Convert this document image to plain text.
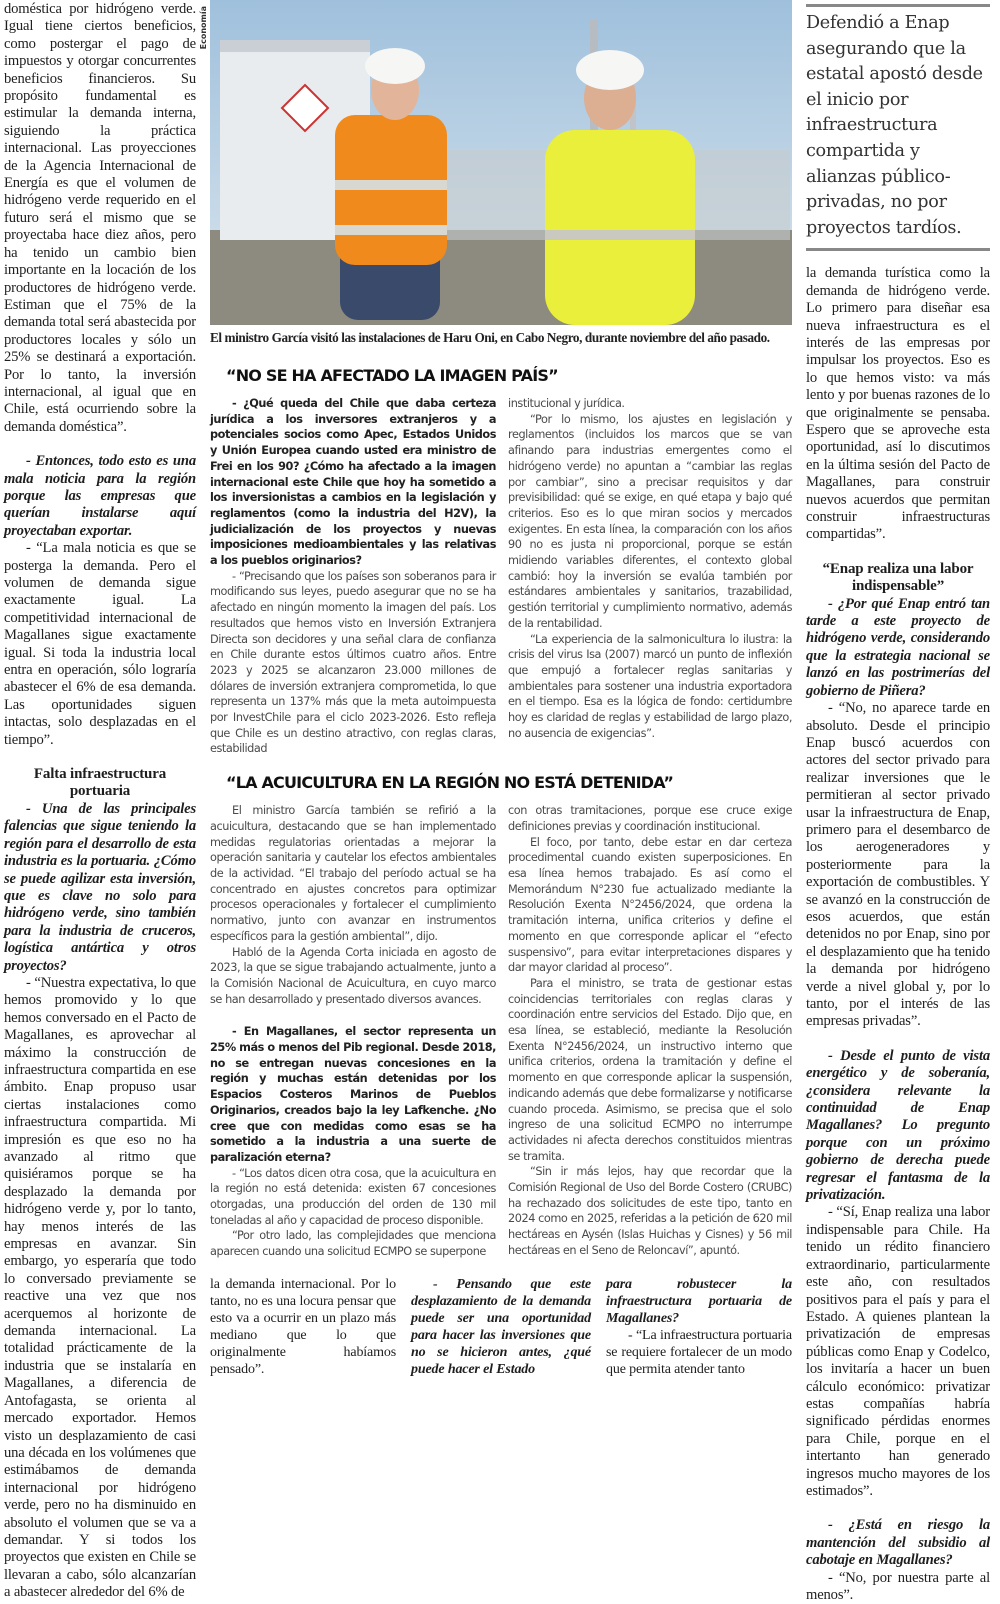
Economía

doméstica por hidrógeno verde. Igual tiene ciertos beneficios, como postergar el pago de impuestos y otorgar concurrentes beneficios financieros. Su propósito fundamental es estimular la demanda interna, siguiendo la práctica internacional. Las proyecciones de la Agencia Internacional de Energía es que el volumen de hidrógeno verde requerido en el futuro será el mismo que se proyectaba hace diez años, pero ha tenido un cambio bien importante en la locación de los productores de hidrógeno verde. Estiman que el 75% de la demanda total será abastecida por productores locales y sólo un 25% se destinará a exportación. Por lo tanto, la inversión internacional, al igual que en Chile, está ocurriendo sobre la demanda doméstica”.

- Entonces, todo esto es una mala noticia para la región porque las empresas que querían instalarse aquí proyectaban exportar.

- “La mala noticia es que se posterga la demanda. Pero el volumen de demanda sigue exactamente igual. La competitividad internacional de Magallanes sigue exactamente igual. Si toda la industria local entra en operación, sólo lograría abastecer el 6% de esa demanda. Las oportunidades siguen intactas, solo desplazadas en el tiempo”.

Falta infraestructura portuaria

- Una de las principales falencias que sigue teniendo la región para el desarrollo de esta industria es la portuaria. ¿Cómo se puede agilizar esta inversión, que es clave no solo para hidrógeno verde, sino también para la industria de cruceros, logística antártica y otros proyectos?

- “Nuestra expectativa, lo que hemos promovido y lo que hemos conversado en el Pacto de Magallanes, es aprovechar al máximo la construcción de infraestructura compartida en ese ámbito. Enap propuso usar ciertas instalaciones como infraestructura compartida. Mi impresión es que eso no ha avanzado al ritmo que quisiéramos porque se ha desplazado la demanda por hidrógeno verde y, por lo tanto, hay menos interés de las empresas en avanzar. Sin embargo, yo esperaría que todo lo conversado previamente se reactive una vez que nos acerquemos al horizonte de demanda internacional. La totalidad prácticamente de la industria que se instalaría en Magallanes, a diferencia de Antofagasta, se orienta al mercado exportador. Hemos visto un desplazamiento de casi una década en los volúmenes que estimábamos de demanda internacional por hidrógeno verde, pero no ha disminuido en absoluto el volumen que se va a demandar. Y si todos los proyectos que existen en Chile se llevaran a cabo, sólo alcanzarían a abastecer alrededor del 6% de

El ministro García visitó las instalaciones de Haru Oni, en Cabo Negro, durante noviembre del año pasado.
“NO SE HA AFECTADO LA IMAGEN PAÍS”

- ¿Qué queda del Chile que daba certeza jurídica a los inversores extranjeros y a potenciales socios como Apec, Estados Unidos y Unión Europea cuando usted era ministro de Frei en los 90? ¿Cómo ha afectado a la imagen internacional este Chile que hoy ha sometido a los inversionistas a cambios en la legislación y reglamentos (como la industria del H2V), la judicialización de los proyectos y nuevas imposiciones medioambientales y las relativas a los pueblos originarios?

- “Precisando que los países son soberanos para ir modificando sus leyes, puedo asegurar que no se ha afectado en ningún momento la imagen del país. Los resultados que hemos visto en Inversión Extranjera Directa son decidores y una señal clara de confianza en Chile durante estos últimos cuatro años. Entre 2023 y 2025 se alcanzaron 23.000 millones de dólares de inversión extranjera comprometida, lo que representa un 137% más que la meta autoimpuesta por InvestChile para el ciclo 2023-2026. Esto refleja que Chile es un destino atractivo, con reglas claras, estabilidad

institucional y jurídica.

“Por lo mismo, los ajustes en legislación y reglamentos (incluidos los marcos que se van afinando para industrias emergentes como el hidrógeno verde) no apuntan a “cambiar las reglas por cambiar”, sino a precisar requisitos y dar previsibilidad: qué se exige, en qué etapa y bajo qué criterios. Eso es lo que miran socios y mercados exigentes. En esta línea, la comparación con los años 90 no es justa ni proporcional, porque se están midiendo variables diferentes, el contexto global cambió: hoy la inversión se evalúa también por estándares ambientales y sanitarios, trazabilidad, gestión territorial y cumplimiento normativo, además de la rentabilidad.

“La experiencia de la salmonicultura lo ilustra: la crisis del virus Isa (2007) marcó un punto de inflexión que empujó a fortalecer reglas sanitarias y ambientales para sostener una industria exportadora en el tiempo. Esa es la lógica de fondo: certidumbre hoy es claridad de reglas y estabilidad de largo plazo, no ausencia de exigencias”.

“LA ACUICULTURA EN LA REGIÓN NO ESTÁ DETENIDA”

El ministro García también se refirió a la acuicultura, destacando que se han implementado medidas regulatorias orientadas a mejorar la operación sanitaria y cautelar los efectos ambientales de la actividad. “El trabajo del período actual se ha concentrado en ajustes concretos para optimizar procesos operacionales y fortalecer el cumplimiento normativo, junto con avanzar en instrumentos específicos para la gestión ambiental”, dijo.

Habló de la Agenda Corta iniciada en agosto de 2023, la que se sigue trabajando actualmente, junto a la Comisión Nacional de Acuicultura, en cuyo marco se han desarrollado y presentado diversos avances.

- En Magallanes, el sector representa un 25% más o menos del Pib regional. Desde 2018, no se entregan nuevas concesiones en la región y muchas están detenidas por los Espacios Costeros Marinos de Pueblos Originarios, creados bajo la ley Lafkenche. ¿No cree que con medidas como esas se ha sometido a la industria a una suerte de paralización eterna?

- “Los datos dicen otra cosa, que la acuicultura en la región no está detenida: existen 67 concesiones otorgadas, una producción del orden de 130 mil toneladas al año y capacidad de proceso disponible.

“Por otro lado, las complejidades que menciona aparecen cuando una solicitud ECMPO se superpone

con otras tramitaciones, porque ese cruce exige definiciones previas y coordinación institucional.

El foco, por tanto, debe estar en dar certeza procedimental cuando existen superposiciones. En esa línea hemos trabajado. Es así como el Memorándum N°230 fue actualizado mediante la Resolución Exenta N°2456/2024, que ordena la tramitación interna, unifica criterios y define el momento en que corresponde aplicar el “efecto suspensivo”, para evitar interpretaciones dispares y dar mayor claridad al proceso”.

Para el ministro, se trata de gestionar estas coincidencias territoriales con reglas claras y coordinación entre servicios del Estado. Dijo que, en esa línea, se estableció, mediante la Resolución Exenta N°2456/2024, un instructivo interno que unifica criterios, ordena la tramitación y define el momento en que corresponde aplicar la suspensión, indicando además que debe formalizarse y notificarse cuando proceda. Asimismo, se precisa que el solo ingreso de una solicitud ECMPO no interrumpe actividades ni afecta derechos constituidos mientras se tramita.

“Sin ir más lejos, hay que recordar que la Comisión Regional de Uso del Borde Costero (CRUBC) ha rechazado dos solicitudes de este tipo, tanto en 2024 como en 2025, referidas a la petición de 620 mil hectáreas en Aysén (Islas Huichas y Cisnes) y 56 mil hectáreas en el Seno de Reloncaví”, apuntó.

la demanda internacional. Por lo tanto, no es una locura pensar que esto va a ocurrir en un plazo más mediano que lo que originalmente habíamos pensado”.

- Pensando que este desplazamiento de la demanda puede ser una oportunidad para hacer las inversiones que no se hicieron antes, ¿qué puede hacer el Estado

para robustecer la infraestructura portuaria de Magallanes?

- “La infraestructura portuaria se requiere fortalecer de un modo que permita atender tanto

Defendió a Enap asegurando que la estatal apostó desde el inicio por infraestructura compartida y alianzas público-privadas, no por proyectos tardíos.

la demanda turística como la demanda de hidrógeno verde. Lo primero para diseñar esa nueva infraestructura es el interés de las empresas por impulsar los proyectos. Eso es lo que hemos visto: va más lento y por buenas razones de lo que originalmente se pensaba. Espero que se aproveche esta oportunidad, así lo discutimos en la última sesión del Pacto de Magallanes, para construir nuevos acuerdos que permitan construir infraestructuras compartidas”.

“Enap realiza una labor indispensable”

- ¿Por qué Enap entró tan tarde a este proyecto de hidrógeno verde, considerando que la estrategia nacional se lanzó en las postrimerías del gobierno de Piñera?

- “No, no aparece tarde en absoluto. Desde el principio Enap buscó acuerdos con actores del sector privado para realizar inversiones que le permitieran al sector privado usar la infraestructura de Enap, primero para el desembarco de los aerogeneradores y posteriormente para la exportación de combustibles. Y se avanzó en la construcción de esos acuerdos, que están detenidos no por Enap, sino por el desplazamiento que ha tenido la demanda por hidrógeno verde a nivel global y, por lo tanto, por el interés de las empresas privadas”.

- Desde el punto de vista energético y de soberanía, ¿considera relevante la continuidad de Enap Magallanes? Lo pregunto porque con un próximo gobierno de derecha puede regresar el fantasma de la privatización.

- “Sí, Enap realiza una labor indispensable para Chile. Ha tenido un rédito financiero extraordinario, particularmente este año, con resultados positivos para el país y para el Estado. A quienes plantean la privatización de empresas públicas como Enap y Codelco, los invitaría a hacer un buen cálculo económico: privatizar estas compañías habría significado pérdidas enormes para Chile, porque en el intertanto han generado ingresos mucho mayores de los estimados”.

- ¿Está en riesgo la mantención del subsidio al cabotaje en Magallanes?

- “No, por nuestra parte al menos”.
